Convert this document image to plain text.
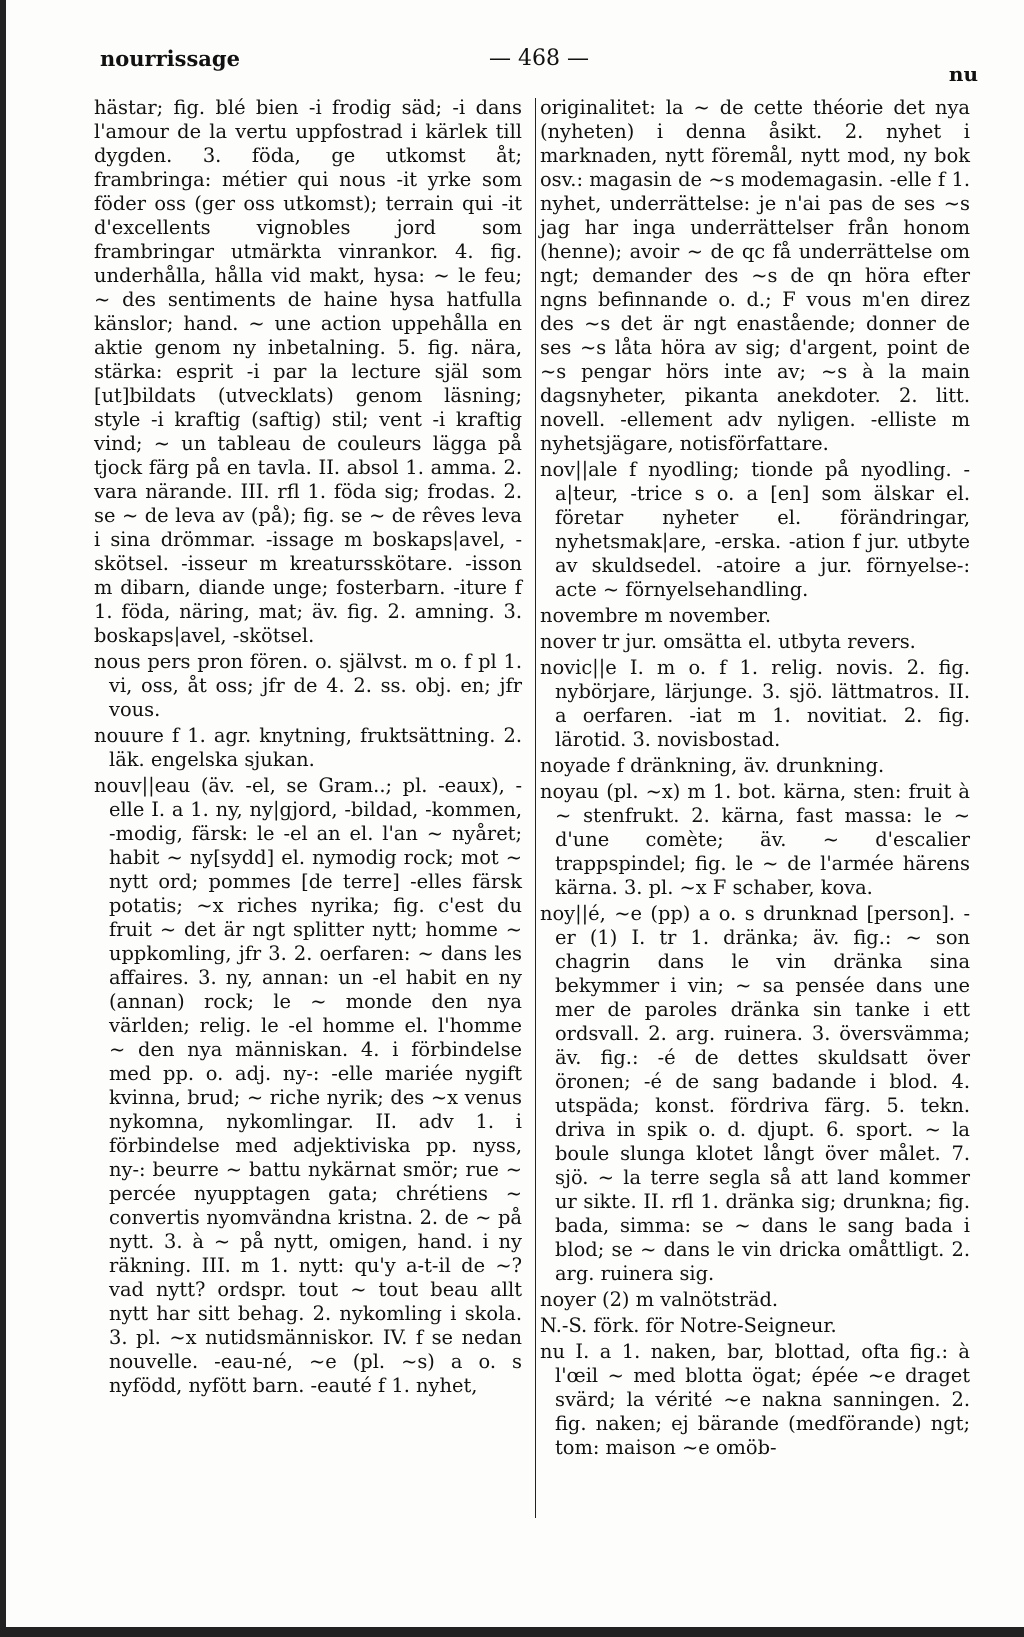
nourrissage	— 468 —
nu
hästar; fig. blé bien -i frodig säd; -i dans l'amour de la vertu uppfostrad i kärlek till dygden. 3. föda, ge utkomst åt; frambringa: métier qui nous -it yrke som föder oss (ger oss utkomst); terrain qui -it d'excellents vignobles jord som frambringar utmärkta vinrankor. 4. fig. underhålla, hålla vid makt, hysa: ~ le feu; ~ des sentiments de haine hysa hatfulla känslor; hand. ~ une action uppehålla en aktie genom ny inbetalning. 5. fig. nära, stärka: esprit -i par la lecture själ som [ut]bildats (utvecklats) genom läsning; style -i kraftig (saftig) stil; vent -i kraftig vind; ~ un tableau de couleurs lägga på tjock färg på en tavla. II. absol 1. amma. 2. vara närande. III. rfl 1. föda sig; frodas. 2. se ~ de leva av (på); fig. se ~ de rêves leva i sina drömmar. -issage m boskaps|avel, -skötsel. -isseur m kreatursskötare. -isson m dibarn, diande unge; fosterbarn. -iture f 1. föda, näring, mat; äv. fig. 2. amning. 3. boskaps|avel, -skötsel.
nous pers pron fören. o. självst. m o. f pl 1. vi, oss, åt oss; jfr de 4. 2. ss. obj. en; jfr vous.
nouure f 1. agr. knytning, fruktsättning. 2. läk. engelska sjukan.
nouv||eau (äv. -el, se Gram..; pl. -eaux), -elle I. a 1. ny, ny|gjord, -bildad, -kommen, -modig, färsk: le -el an el. l'an ~ nyåret; habit ~ ny[sydd] el. nymodig rock; mot ~ nytt ord; pommes [de terre] -elles färsk potatis; ~x riches nyrika; fig. c'est du fruit ~ det är ngt splitter nytt; homme ~ uppkomling, jfr 3. 2. oerfaren: ~ dans les affaires. 3. ny, annan: un -el habit en ny (annan) rock; le ~ monde den nya världen; relig. le -el homme el. l'homme ~ den nya människan. 4. i förbindelse med pp. o. adj. ny-: -elle mariée nygift kvinna, brud; ~ riche nyrik; des ~x venus nykomna, nykomlingar. II. adv 1. i förbindelse med adjektiviska pp. nyss, ny-: beurre ~ battu nykärnat smör; rue ~ percée nyupptagen gata; chrétiens ~ convertis nyomvändna kristna. 2. de ~ på nytt. 3. à ~ på nytt, omigen, hand. i ny räkning. III. m 1. nytt: qu'y a-t-il de ~? vad nytt? ordspr. tout ~ tout beau allt nytt har sitt behag. 2. nykomling i skola. 3. pl. ~x nutidsmänniskor. IV. f se nedan nouvelle. -eau-né, ~e (pl. ~s) a o. s nyfödd, nyfött barn. -eauté f 1. nyhet,
originalitet: la ~ de cette théorie det nya (nyheten) i denna åsikt. 2. nyhet i marknaden, nytt föremål, nytt mod, ny bok osv.: magasin de ~s modemagasin. -elle f 1. nyhet, underrättelse: je n'ai pas de ses ~s jag har inga underrättelser från honom (henne); avoir ~ de qc få underrättelse om ngt; demander des ~s de qn höra efter ngns befinnande o. d.; F vous m'en direz des ~s det är ngt enastående; donner de ses ~s låta höra av sig; d'argent, point de ~s pengar hörs inte av; ~s à la main dagsnyheter, pikanta anekdoter. 2. litt. novell. -ellement adv nyligen. -elliste m nyhetsjägare, notisförfattare.
nov||ale f nyodling; tionde på nyodling. -a|teur, -trice s o. a [en] som älskar el. företar nyheter el. förändringar, nyhetsmak|are, -erska. -ation f jur. utbyte av skuldsedel. -atoire a jur. förnyelse-: acte ~ förnyelsehandling.
novembre m november.
nover tr jur. omsätta el. utbyta revers.
novic||e I. m o. f 1. relig. novis. 2. fig. nybörjare, lärjunge. 3. sjö. lättmatros. II. a oerfaren. -iat m 1. novitiat. 2. fig. lärotid. 3. novisbostad.
noyade f dränkning, äv. drunkning.
noyau (pl. ~x) m 1. bot. kärna, sten: fruit à ~ stenfrukt. 2. kärna, fast massa: le ~ d'une comète; äv. ~ d'escalier trappspindel; fig. le ~ de l'armée härens kärna. 3. pl. ~x F schaber, kova.
noy||é, ~e (pp) a o. s drunknad [person]. -er (1) I. tr 1. dränka; äv. fig.: ~ son chagrin dans le vin dränka sina bekymmer i vin; ~ sa pensée dans une mer de paroles dränka sin tanke i ett ordsvall. 2. arg. ruinera. 3. översvämma; äv. fig.: -é de dettes skuldsatt över öronen; -é de sang badande i blod. 4. utspäda; konst. fördriva färg. 5. tekn. driva in spik o. d. djupt. 6. sport. ~ la boule slunga klotet långt över målet. 7. sjö. ~ la terre segla så att land kommer ur sikte. II. rfl 1. dränka sig; drunkna; fig. bada, simma: se ~ dans le sang bada i blod; se ~ dans le vin dricka omåttligt. 2. arg. ruinera sig.
noyer (2) m valnötsträd.
N.-S. förk. för Notre-Seigneur.
nu I. a 1. naken, bar, blottad, ofta fig.: à l'œil ~ med blotta ögat; épée ~e draget svärd; la vérité ~e nakna sanningen. 2. fig. naken; ej bärande (medförande) ngt; tom: maison ~e omöb-
